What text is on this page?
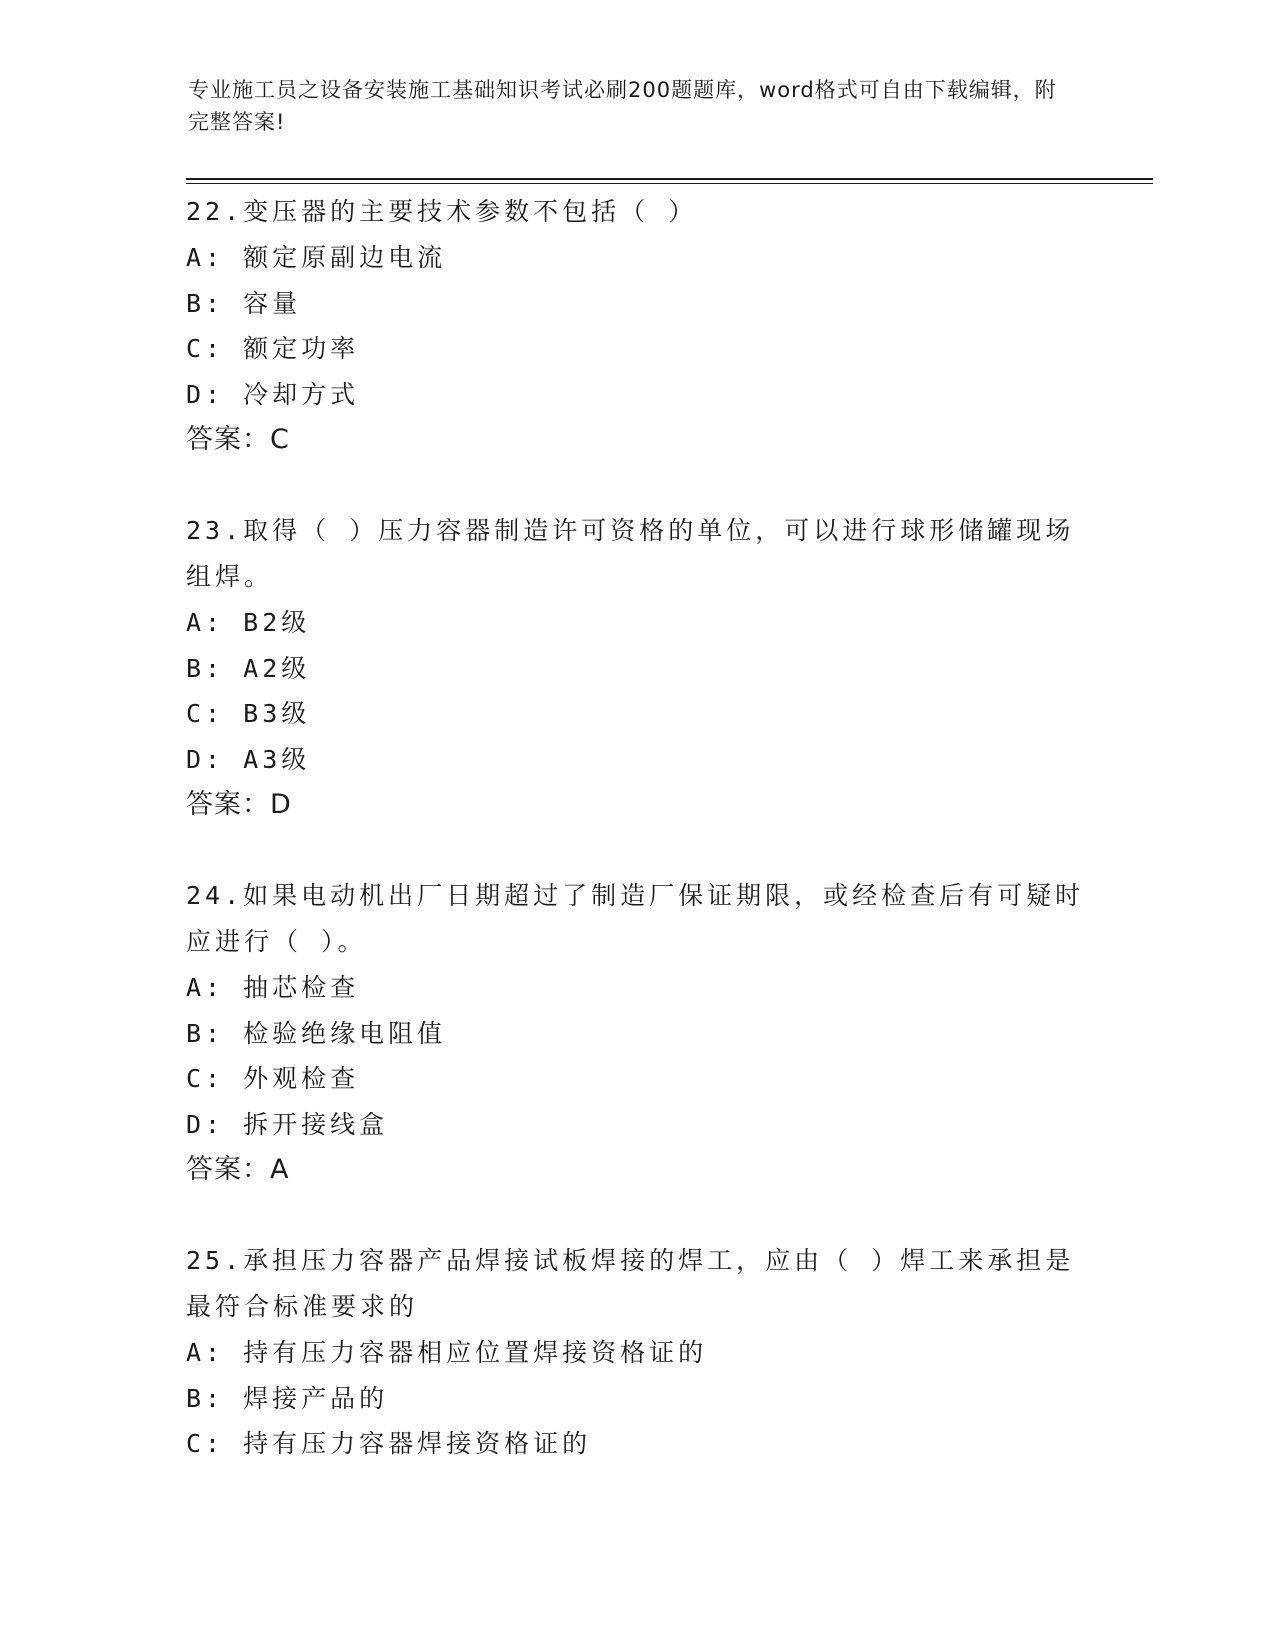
专业施工员之设备安装施工基础知识考试必刷200题题库，word格式可自由下载编辑，附完整答案!

22.变压器的主要技术参数不包括（ ）

A: 额定原副边电流

B: 容量

C: 额定功率

D: 冷却方式

答案：C

23.取得（ ）压力容器制造许可资格的单位，可以进行球形储罐现场组焊。

A: B2级

B: A2级

C: B3级

D: A3级

答案：D

24.如果电动机出厂日期超过了制造厂保证期限，或经检查后有可疑时应进行（ ）。

A: 抽芯检查

B: 检验绝缘电阻值

C: 外观检查

D: 拆开接线盒

答案：A

25.承担压力容器产品焊接试板焊接的焊工，应由（ ）焊工来承担是最符合标准要求的

A: 持有压力容器相应位置焊接资格证的

B: 焊接产品的

C: 持有压力容器焊接资格证的
